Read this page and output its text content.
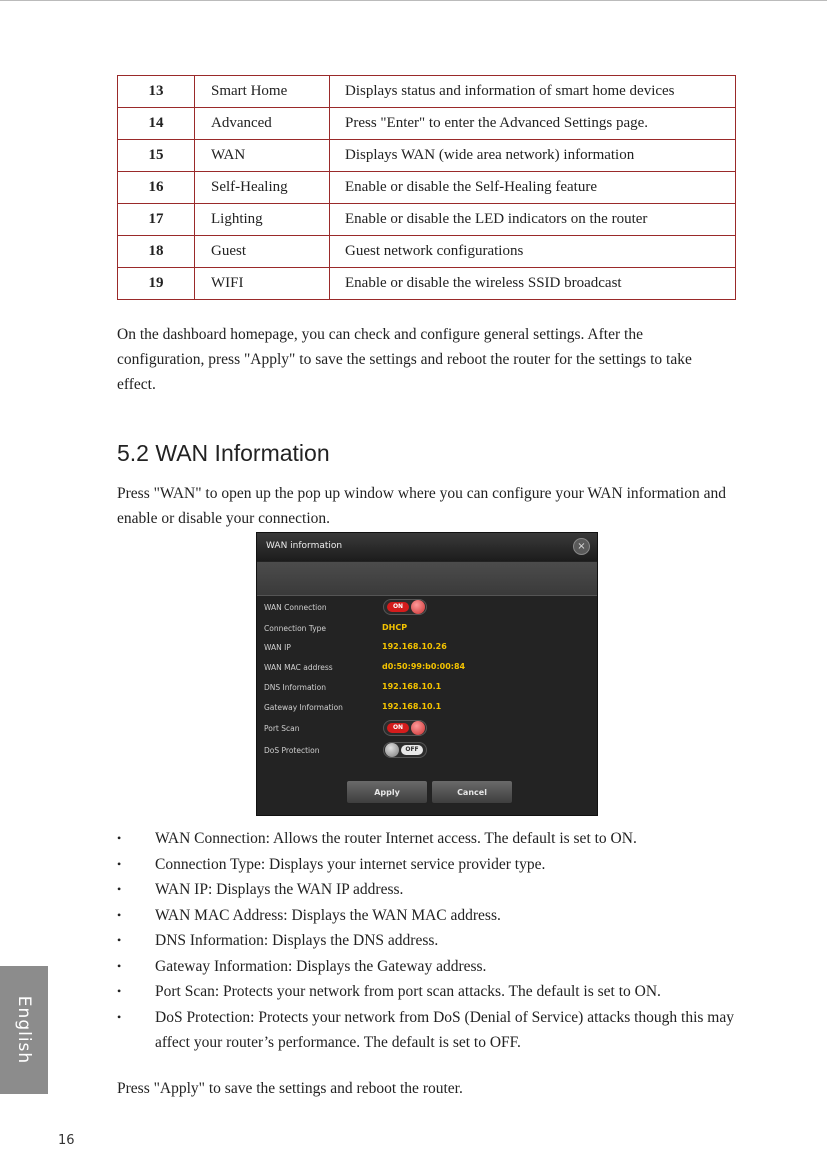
13	Smart Home	Displays status and information of smart home devices
14	Advanced	Press "Enter" to enter the Advanced Settings page.
15	WAN	Displays WAN (wide area network) information
16	Self-Healing	Enable or disable the Self-Healing feature
17	Lighting	Enable or disable the LED indicators on the router
18	Guest	Guest network configurations
19	WIFI	Enable or disable the wireless SSID broadcast

On the dashboard homepage, you can check and configure general settings. After the configuration, press "Apply" to save the settings and reboot the router for the settings to take effect.

5.2 WAN Information

Press "WAN" to open up the pop up window where you can configure your WAN information and enable or disable your connection.

WAN information	×
WAN Connection	ON
Connection Type	DHCP
WAN IP	192.168.10.26
WAN MAC address	d0:50:99:b0:00:84
DNS Information	192.168.10.1
Gateway Information	192.168.10.1
Port Scan	ON
DoS Protection	OFF
Apply	Cancel
• WAN Connection: Allows the router Internet access. The default is set to ON.
• Connection Type: Displays your internet service provider type.
• WAN IP: Displays the WAN IP address.
• WAN MAC Address: Displays the WAN MAC address.
• DNS Information: Displays the DNS address.
• Gateway Information: Displays the Gateway address.
• Port Scan: Protects your network from port scan attacks. The default is set to ON.
• DoS Protection: Protects your network from DoS (Denial of Service) attacks though this may affect your router’s performance. The default is set to OFF.

Press "Apply" to save the settings and reboot the router.

English
16
